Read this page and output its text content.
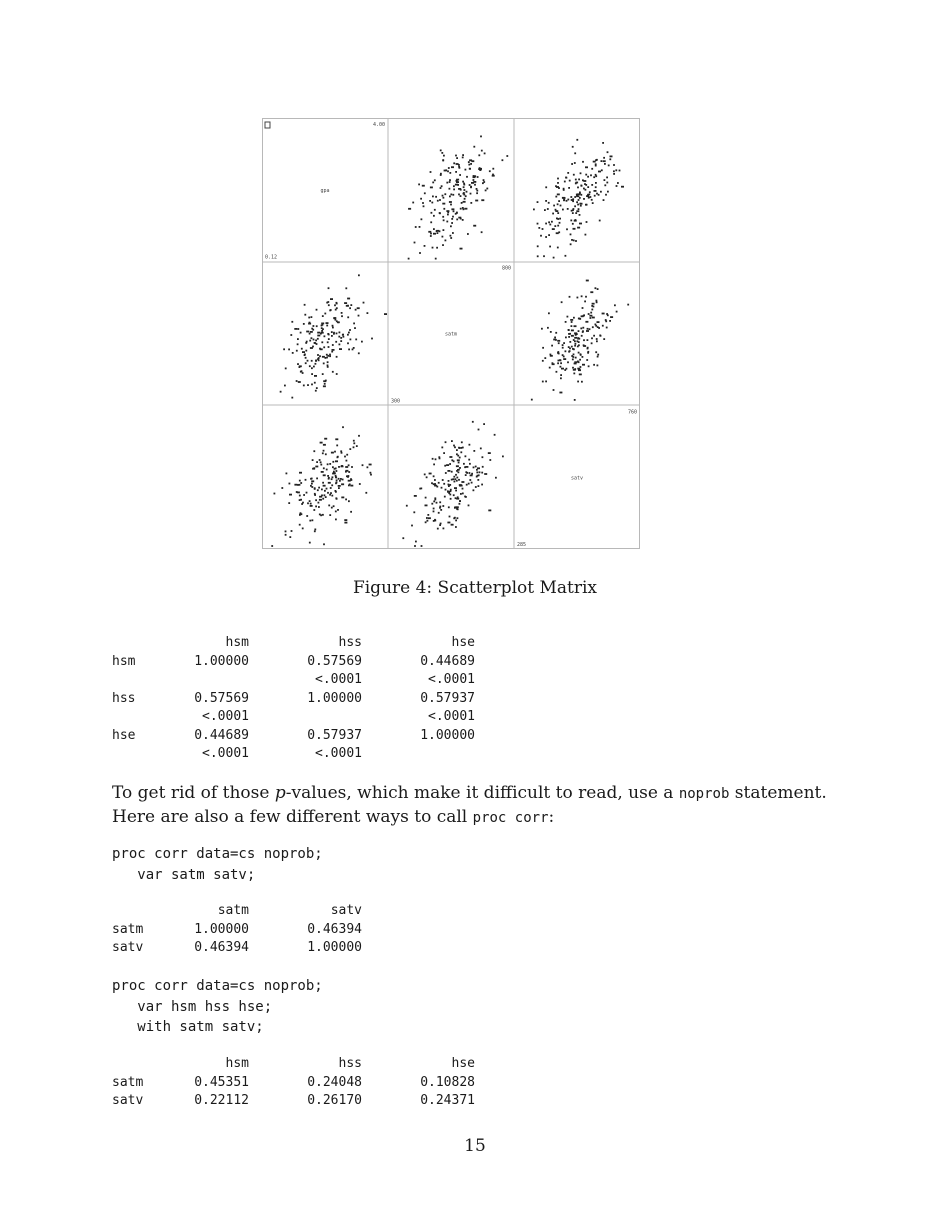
gpa
4.00
0.12
satm
800
300
satv
760
285
Figure 4: Scatterplot Matrix
	hsm		hss		hse
hsm	1.00000		0.57569		0.44689
			<.0001		<.0001
hss	0.57569		1.00000		0.57937
	<.0001				<.0001
hse	0.44689		0.57937		1.00000
	<.0001		<.0001		
To get rid of those p-values, which make it difficult to read, use a noprob statement. Here are also a few different ways to call proc corr:
proc corr data=cs noprob;
var satm satv;
	satm		satv
satm	1.00000		0.46394
satv	0.46394		1.00000
proc corr data=cs noprob;
var hsm hss hse;
with satm satv;
	hsm		hss		hse
satm	0.45351		0.24048		0.10828
satv	0.22112		0.26170		0.24371
15
